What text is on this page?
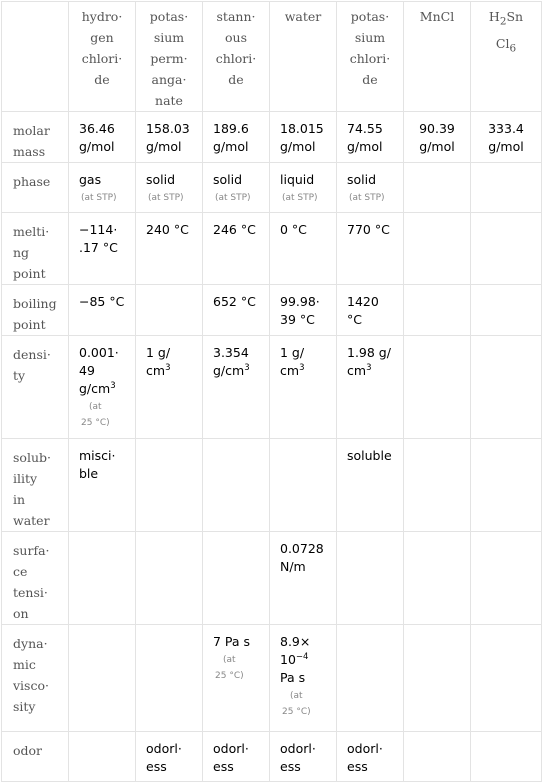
	hydro·
gen
chlori·
de	potas·
sium
perm·
anga·
nate	stann·
ous
chlori·
de	water	potas·
sium
chlori·
de	MnCl	$H_2Sn$
$Cl_6$
molar
mass	36.46
g/mol	158.03
g/mol	189.6
g/mol	18.015
g/mol	74.55
g/mol	90.39
g/mol	333.4
g/mol
phase	gas
(at STP)	solid
(at STP)	solid
(at STP)	liquid
(at STP)	solid
(at STP)		

melti·
ng
point	−114·
.17 °C	240 °C	246 °C	0 °C	770 °C		
boiling
point	−85 °C		652 °C	99.98·
39 °C	1420
°C		
densi·
ty	0.001·
49
$g/cm^3$
(at
25 °C)	1 g/
$cm^3$	3.354
$g/cm^3$	1 g/
$cm^3$	1.98 g/
$cm^3$		
solub·
ility
in
water	misci·
ble				soluble		
surfa·
ce
tensi·
on				0.0728
N/m			
dyna·
mic
visco·
sity			7 Pa s
(at
25 °C)	8.9×
$10^{-4}$
Pa s
(at
25 °C)			

odor		odorl·
ess	odorl·
ess	odorl·
ess	odorl·
ess		
